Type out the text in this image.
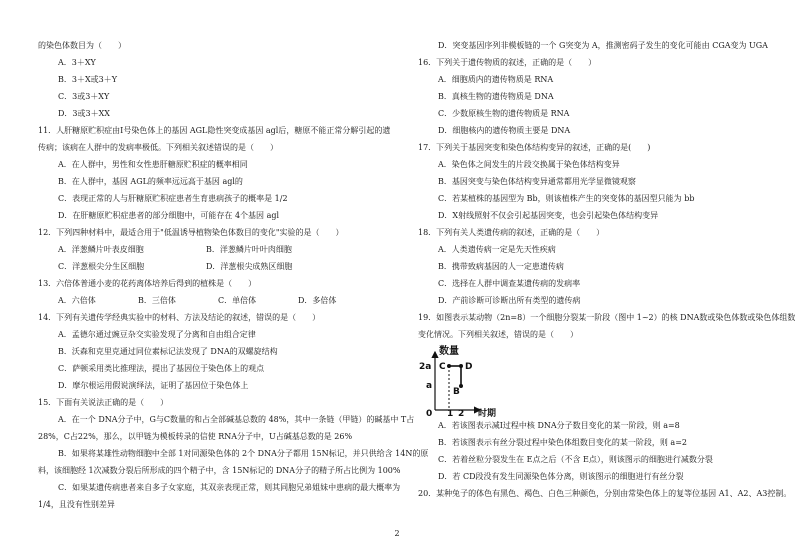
的染色体数目为（　　）
A．3＋XY
B．3＋X或3＋Y
C．3或3＋XY
D．3或3＋XX
11．人肝糖原贮积症由Ⅰ号染色体上的基因 AGL隐性突变成基因 agl后，糖原不能正常分解引起的遗
传病；该病在人群中的发病率极低。下列相关叙述错误的是（　　）
A．在人群中，男性和女性患肝糖原贮积症的概率相同
B．在人群中，基因 AGL的频率远远高于基因 agl的
C．表现正常的人与肝糖原贮积症患者生育患病孩子的概率是 1/2
D．在肝糖原贮积症患者的部分细胞中，可能存在 4个基因 agl
12．下列四种材料中，最适合用于"低温诱导植物染色体数目的变化"实验的是（　　）
A．洋葱鳞片叶表皮细胞	B．洋葱鳞片叶叶肉细胞
C．洋葱根尖分生区细胞	D．洋葱根尖成熟区细胞
13．六倍体普通小麦的花药离体培养后得到的植株是（　　）
A．六倍体	B．三倍体	C．单倍体	D．多倍体
14．下列有关遗传学经典实验中的材料、方法及结论的叙述，错误的是（　　）
A．孟德尔通过豌豆杂交实验发现了分离和自由组合定律
B．沃森和克里克通过同位素标记法发现了 DNA的双螺旋结构
C．萨顿采用类比推理法，提出了基因位于染色体上的观点
D．摩尔根运用假说演绎法，证明了基因位于染色体上
15．下面有关说法正确的是（　　）
A．在一个 DNA分子中，G与C数量的和占全部碱基总数的 48%，其中一条链（甲链）的碱基中 T占
28%，C占22%，那么，以甲链为模板转录的信使 RNA分子中，U占碱基总数的是 26%
B．如果将某雄性动物细胞中全部 1对同源染色体的 2个 DNA分子都用 15N标记，并只供给含 14N的原
料，该细胞经 1次减数分裂后所形成的四个精子中，含 15N标记的 DNA分子的精子所占比例为 100%
C．如果某遗传病患者来自多子女家庭，其双亲表现正常，则其同胞兄弟姐妹中患病的最大概率为
1/4，且没有性别差异
D．突变基因序列非模板链的一个 G突变为 A，推测密码子发生的变化可能由 CGA变为 UGA
16．下列关于遗传物质的叙述，正确的是（　　）
A．细胞质内的遗传物质是 RNA
B．真核生物的遗传物质是 DNA
C．少数原核生物的遗传物质是 RNA
D．细胞核内的遗传物质主要是 DNA
17．下列关于基因突变和染色体结构变异的叙述，正确的是(　　)
A．染色体之间发生的片段交换属于染色体结构变异
B．基因突变与染色体结构变异通常都用光学显微镜观察
C．若某植株的基因型为 Bb，则该植株产生的突变体的基因型只能为 bb
D．X射线照射不仅会引起基因突变，也会引起染色体结构变异
18．下列有关人类遗传病的叙述，正确的是（　　）
A．人类遗传病一定是先天性疾病
B．携带致病基因的人一定患遗传病
C．选择在人群中调查某遗传病的发病率
D．产前诊断可诊断出所有类型的遗传病
19．如图表示某动物（2n=8）一个细胞分裂某一阶段（图中 1~2）的核 DNA数或染色体数或染色体组数
变化情况。下列相关叙述，错误的是（　　）
数量
2a
a
0 1 2 时期
C D
B
A．若该图表示减Ⅰ过程中核 DNA分子数目变化的某一阶段，则 a=8
B．若该图表示有丝分裂过程中染色体组数目变化的某一阶段，则 a=2
C．若着丝粒分裂发生在 E点之后（不含 E点），则该图示的细胞进行减数分裂
D．若 CD段没有发生同源染色体分离，则该图示的细胞进行有丝分裂
20．某种兔子的体色有黑色、褐色、白色三种颜色，分别由常染色体上的复等位基因 A1、A2、A3控制。
2
